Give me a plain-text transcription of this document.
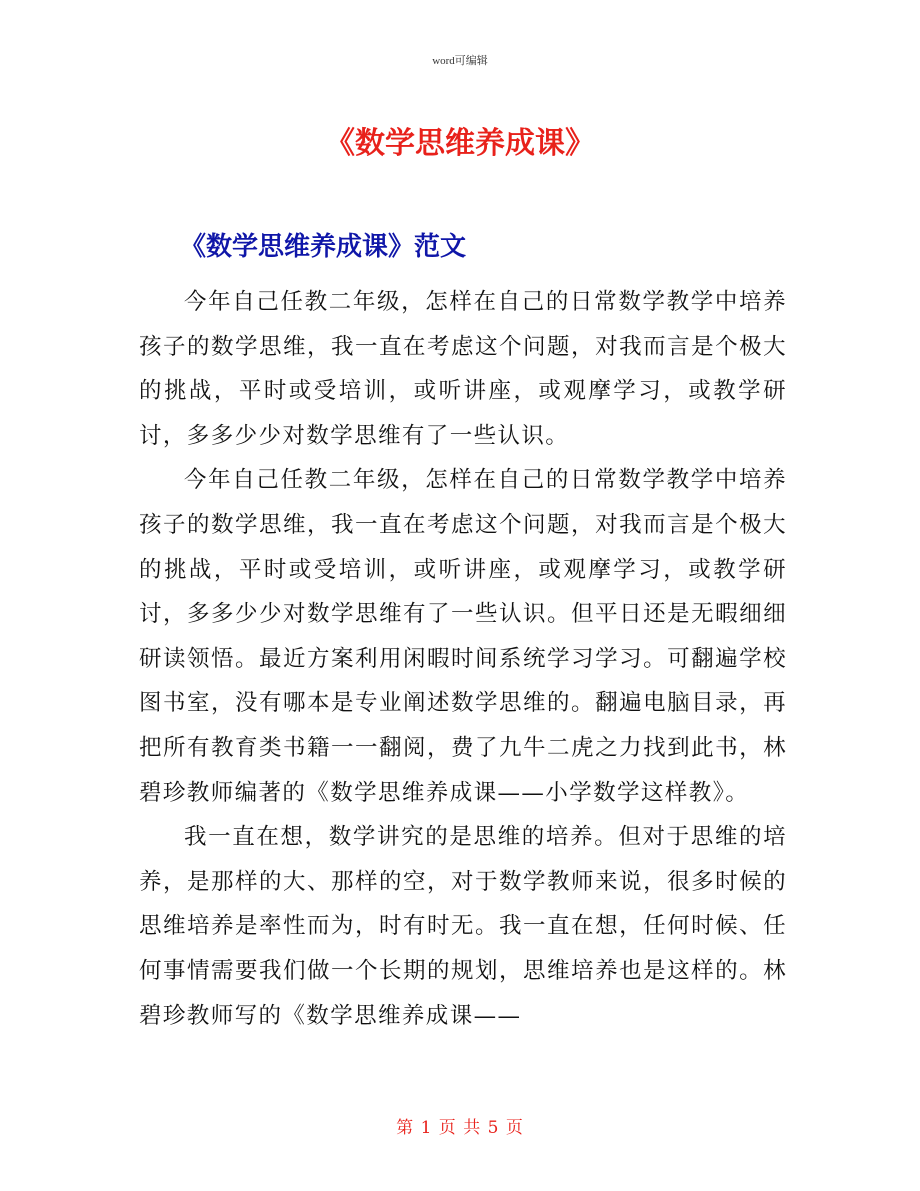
word可编辑
《数学思维养成课》
《数学思维养成课》范文

今年自己任教二年级，怎样在自己的日常数学教学中培养孩子的数学思维，我一直在考虑这个问题，对我而言是个极大的挑战，平时或受培训，或听讲座，或观摩学习，或教学研讨，多多少少对数学思维有了一些认识。

今年自己任教二年级，怎样在自己的日常数学教学中培养孩子的数学思维，我一直在考虑这个问题，对我而言是个极大的挑战，平时或受培训，或听讲座，或观摩学习，或教学研讨，多多少少对数学思维有了一些认识。但平日还是无暇细细研读领悟。最近方案利用闲暇时间系统学习学习。可翻遍学校图书室，没有哪本是专业阐述数学思维的。翻遍电脑目录，再把所有教育类书籍一一翻阅，费了九牛二虎之力找到此书，林碧珍教师编著的《数学思维养成课——小学数学这样教》。

我一直在想，数学讲究的是思维的培养。但对于思维的培养，是那样的大、那样的空，对于数学教师来说，很多时候的思维培养是率性而为，时有时无。我一直在想，任何时候、任何事情需要我们做一个长期的规划，思维培养也是这样的。林碧珍教师写的《数学思维养成课——

第 1 页 共 5 页
